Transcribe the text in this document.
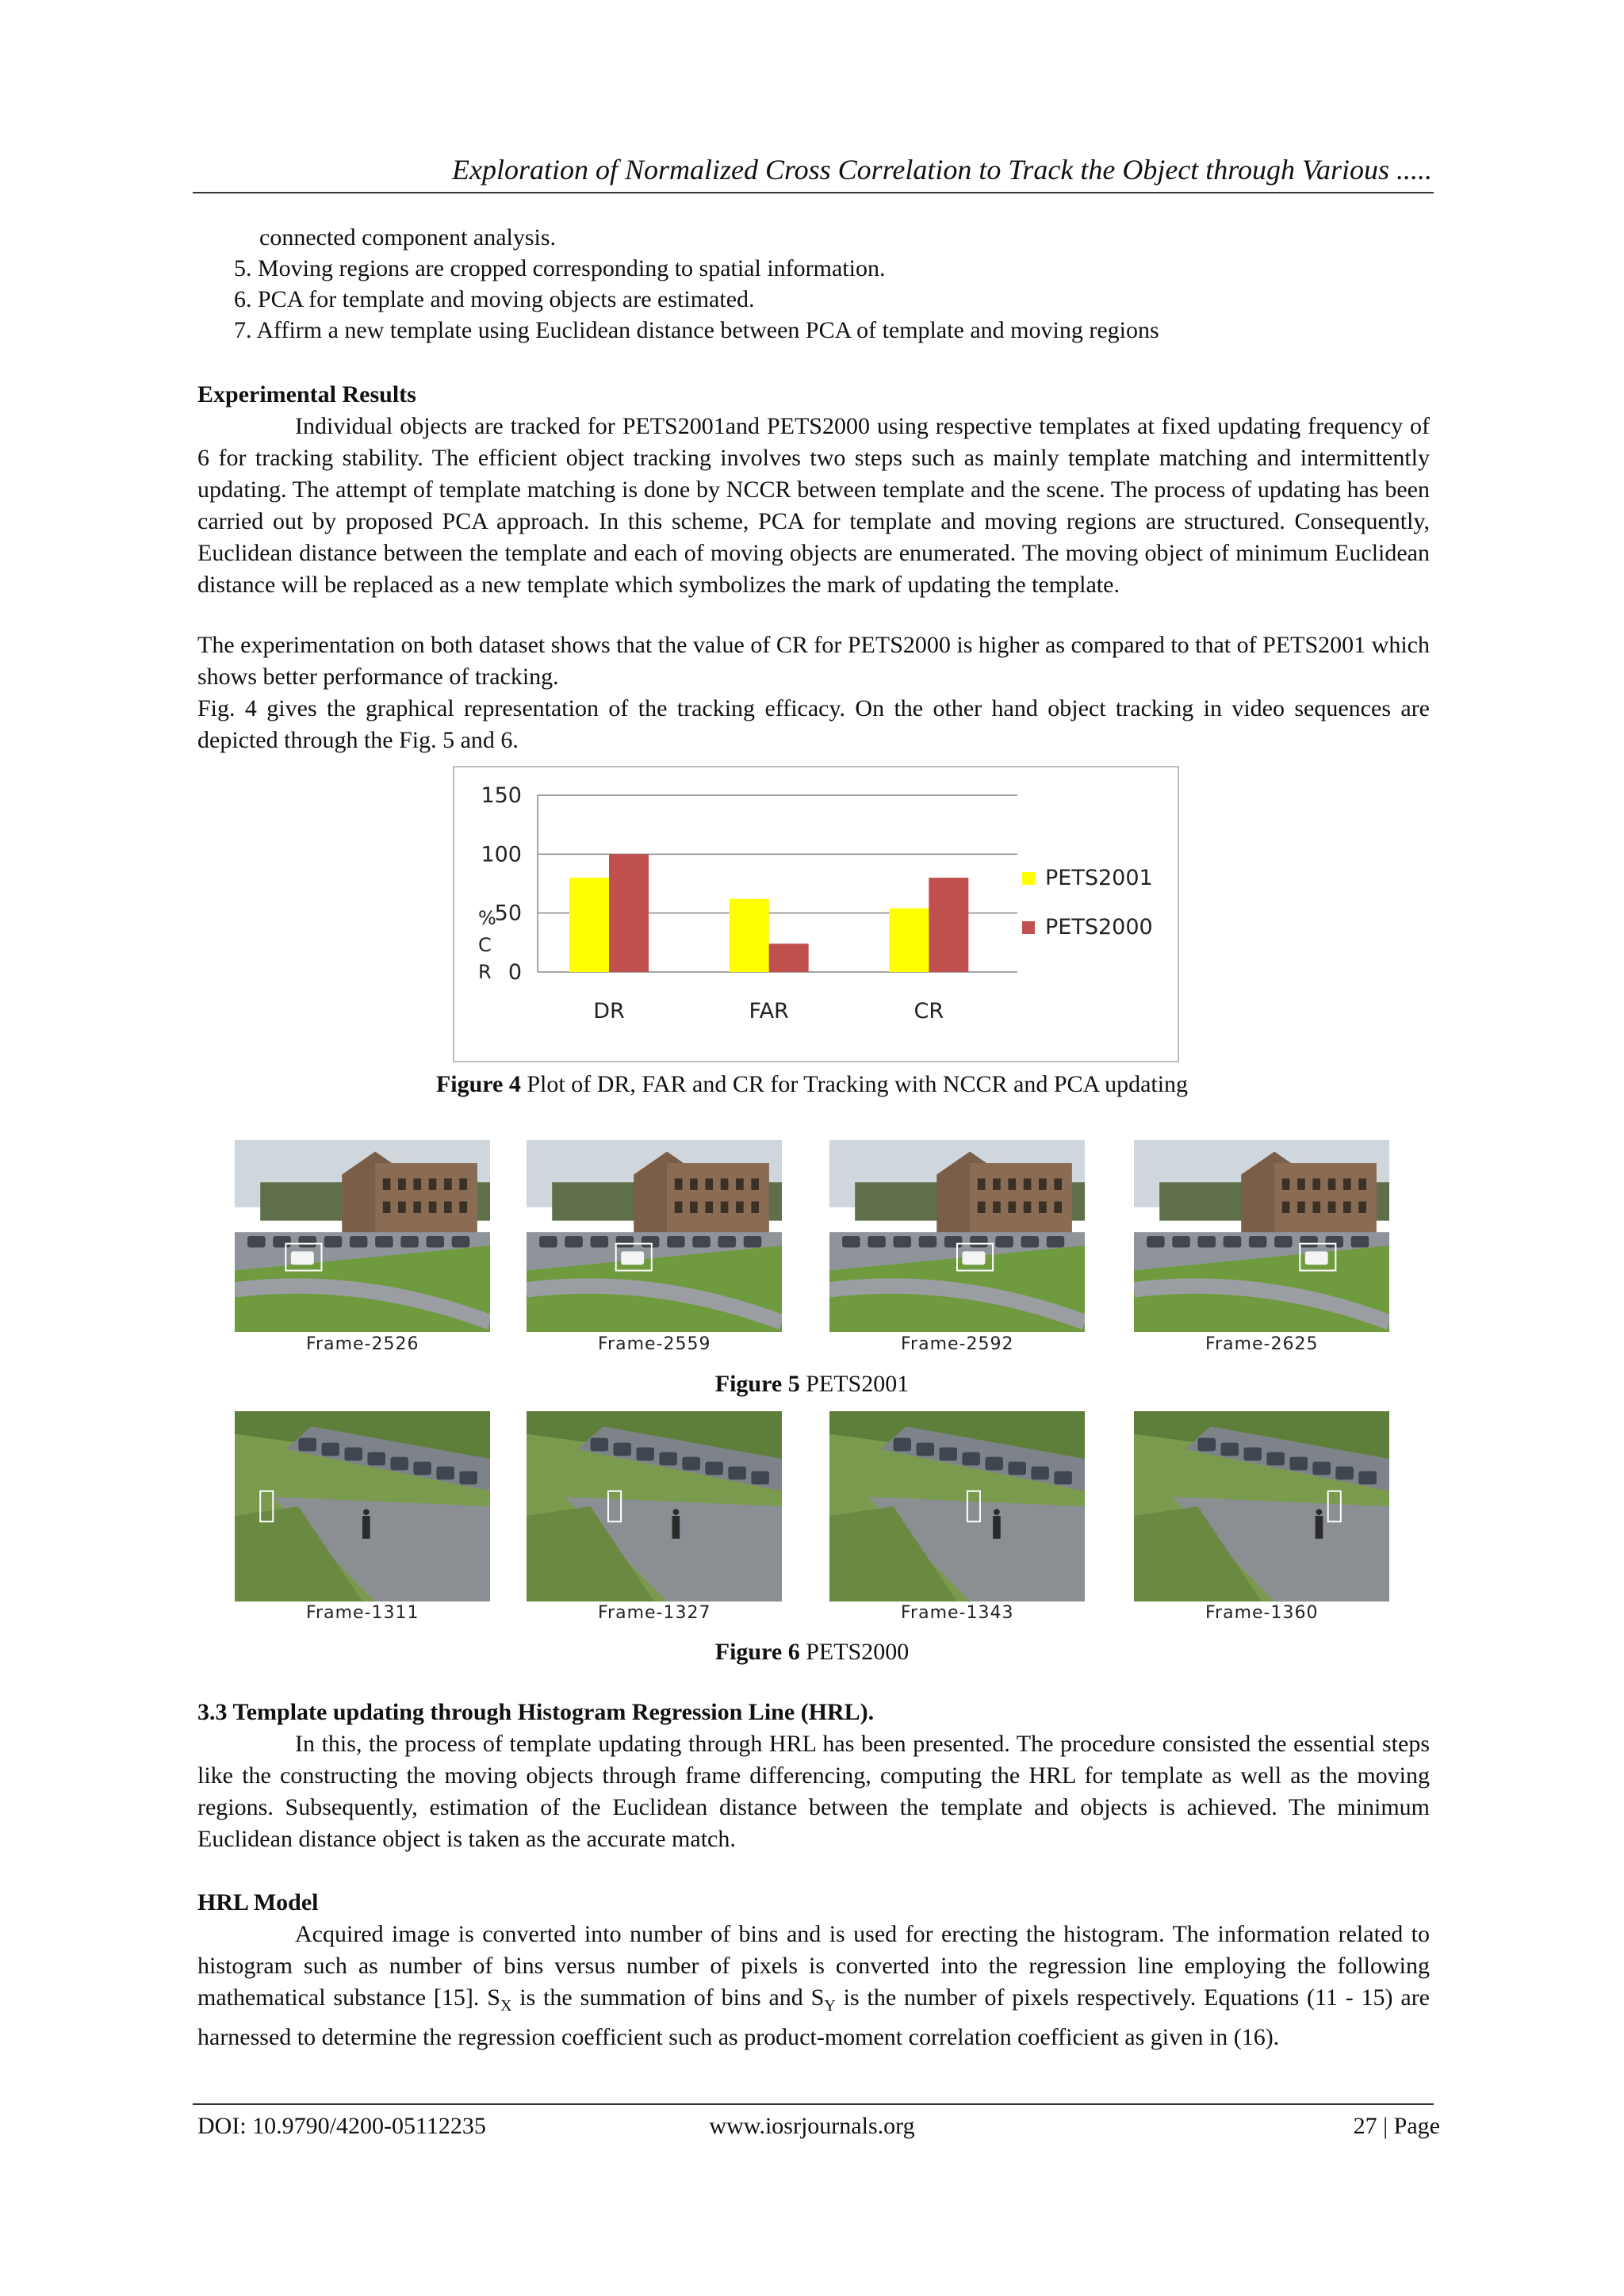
Exploration of Normalized Cross Correlation to Track the Object through Various .....
connected component analysis.
5. Moving regions are cropped corresponding to spatial information.
6. PCA for template and moving objects are estimated.
7. Affirm a new template using Euclidean distance between PCA of template and moving regions
Experimental Results
Individual objects are tracked for PETS2001and PETS2000 using respective templates at fixed updating frequency of 6 for tracking stability. The efficient object tracking involves two steps such as mainly template matching and intermittently updating. The attempt of template matching is done by NCCR between template and the scene. The process of updating has been carried out by proposed PCA approach. In this scheme, PCA for template and moving regions are structured. Consequently, Euclidean distance between the template and each of moving objects are enumerated. The moving object of minimum Euclidean distance will be replaced as a new template which symbolizes the mark of updating the template.
The experimentation on both dataset shows that the value of CR for PETS2000 is higher as compared to that of PETS2001 which shows better performance of tracking.
Fig. 4 gives the graphical representation of the tracking efficacy. On the other hand object tracking in video sequences are depicted through the Fig. 5 and 6.
0
50
100
150
%
C
R
DR	FAR	CR
PETS2001
PETS2000
Figure 4 Plot of DR, FAR and CR for Tracking with NCCR and PCA updating
Frame-2526	Frame-2559	Frame-2592	Frame-2625
Figure 5 PETS2001
Frame-1311	Frame-1327	Frame-1343	Frame-1360
Figure 6 PETS2000
3.3 Template updating through Histogram Regression Line (HRL).
In this, the process of template updating through HRL has been presented. The procedure consisted the essential steps like the constructing the moving objects through frame differencing, computing the HRL for template as well as the moving regions. Subsequently, estimation of the Euclidean distance between the template and objects is achieved. The minimum Euclidean distance object is taken as the accurate match.
HRL Model
Acquired image is converted into number of bins and is used for erecting the histogram. The information related to histogram such as number of bins versus number of pixels is converted into the regression line employing the following mathematical substance [15]. $S_X$ is the summation of bins and $S_Y$ is the number of pixels respectively. Equations (11 - 15) are harnessed to determine the regression coefficient such as product-moment correlation coefficient as given in (16).
DOI: 10.9790/4200-05112235	www.iosrjournals.org	27 | Page
